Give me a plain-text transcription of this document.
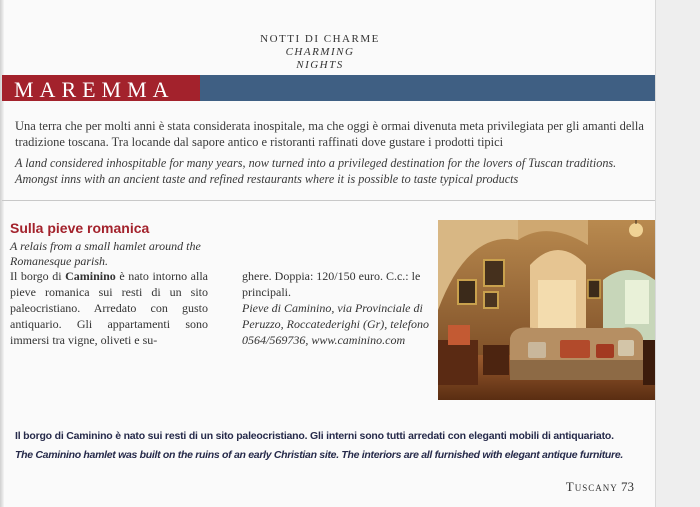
NOTTI DI CHARME
CHARMING NIGHTS
MAREMMA

Una terra che per molti anni è stata considerata inospitale, ma che oggi è ormai divenuta meta privilegiata per gli amanti della tradizione toscana. Tra locande dal sapore antico e ristoranti raffinati dove gustare i prodotti tipici

A land considered inhospitable for many years, now turned into a privileged destination for the lovers of Tuscan traditions. Amongst inns with an ancient taste and refined restaurants where it is possible to taste typical products

Sulla pieve romanica
A relais from a small hamlet around the Romanesque parish.

Il borgo di Caminino è nato intorno alla pieve romanica sui resti di un sito paleocristiano. Arredato con gusto antiquario. Gli appartamenti sono immersi tra vigne, oliveti e su-

ghere. Doppia: 120/150 euro. C.c.: le principali.
Pieve di Caminino, via Provinciale di Peruzzo, Roccatederighi (Gr), telefono 0564/569736, www.caminino.com
Il borgo di Caminino è nato sui resti di un sito paleocristiano. Gli interni sono tutti arredati con eleganti mobili di antiquariato.
The Caminino hamlet was built on the ruins of an early Christian site. The interiors are all furnished with elegant antique furniture.
Tuscany 73
